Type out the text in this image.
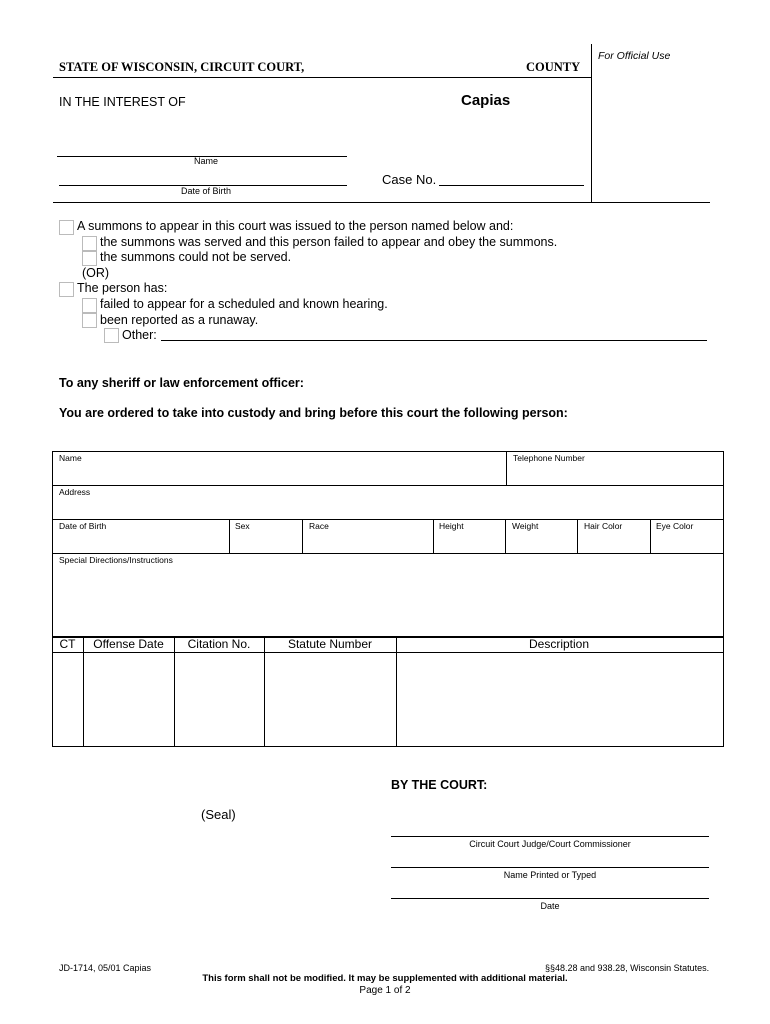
For Official Use
STATE OF WISCONSIN, CIRCUIT COURT,	COUNTY
IN THE INTEREST OF	Capias
Name
Date of Birth
Case No.
A summons to appear in this court was issued to the person named below and:
the summons was served and this person failed to appear and obey the summons.
the summons could not be served.
(OR)
The person has:
failed to appear for a scheduled and known hearing.
been reported as a runaway.
Other:
To any sheriff or law enforcement officer:
You are ordered to take into custody and bring before this court the following person:
Name	Telephone Number
Address
Date of Birth	Sex	Race	Height	Weight	Hair Color	Eye Color
Special Directions/Instructions
CT	Offense Date	Citation No.	Statute Number	Description
BY THE COURT:
(Seal)
Circuit Court Judge/Court Commissioner
Name Printed or Typed
Date
JD-1714, 05/01 Capias	§§48.28 and 938.28, Wisconsin Statutes.
This form shall not be modified. It may be supplemented with additional material.
Page 1 of 2
